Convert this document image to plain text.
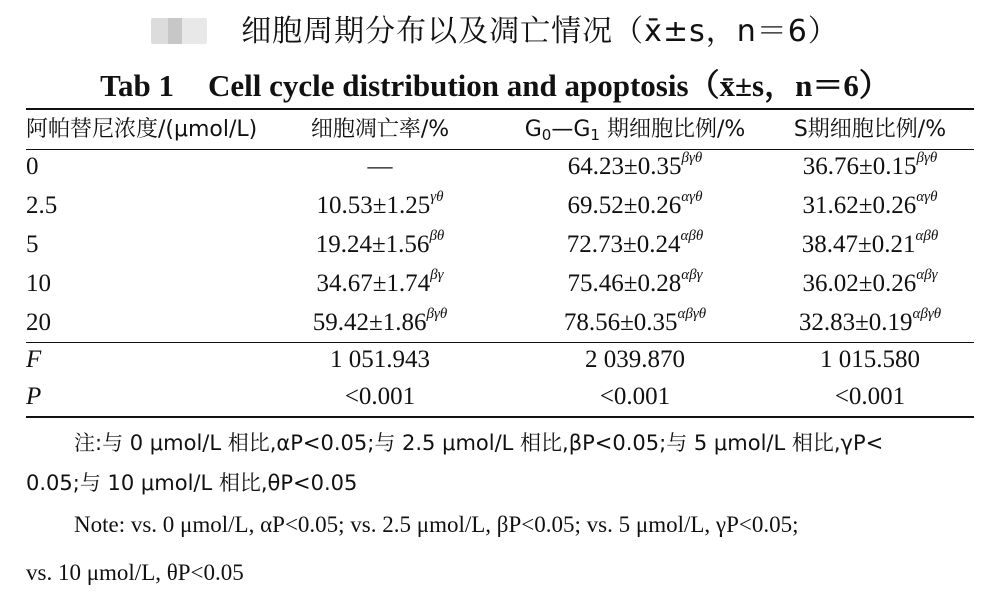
细胞周期分布以及凋亡情况（x̄±s，n＝6）
Tab 1 Cell cycle distribution and apoptosis（x̄±s，n＝6）
阿帕替尼浓度/(μmol/L)	细胞凋亡率/%	$G_0—G_1$ 期细胞比例/%	S期细胞比例/%
0	—	$64.23\pm 0.35^{\beta\gamma\theta}$	$36.76\pm 0.15^{\beta\gamma\theta}$
2.5	$10.53\pm 1.25^{\gamma\theta}$	$69.52\pm 0.26^{\alpha\gamma\theta}$	$31.62\pm 0.26^{\alpha\gamma\theta}$
5	$19.24\pm 1.56^{\beta\theta}$	$72.73\pm 0.24^{\alpha\beta\theta}$	$38.47\pm 0.21^{\alpha\beta\theta}$
10	$34.67\pm 1.74^{\beta\gamma}$	$75.46\pm 0.28^{\alpha\beta\gamma}$	$36.02\pm 0.26^{\alpha\beta\gamma}$
20	$59.42\pm 1.86^{\beta\gamma\theta}$	$78.56\pm 0.35^{\alpha\beta\gamma\theta}$	$32.83\pm 0.19^{\alpha\beta\gamma\theta}$
F	1 051.943	2 039.870	1 015.580
P	<0.001	<0.001	<0.001
注:与 0 μmol/L 相比,αP<0.05;与 2.5 μmol/L 相比,βP<0.05;与 5 μmol/L 相比,γP<
0.05;与 10 μmol/L 相比,θP<0.05
Note: vs. 0 μmol/L, αP<0.05; vs. 2.5 μmol/L, βP<0.05; vs. 5 μmol/L, γP<0.05;
vs. 10 μmol/L, θP<0.05
